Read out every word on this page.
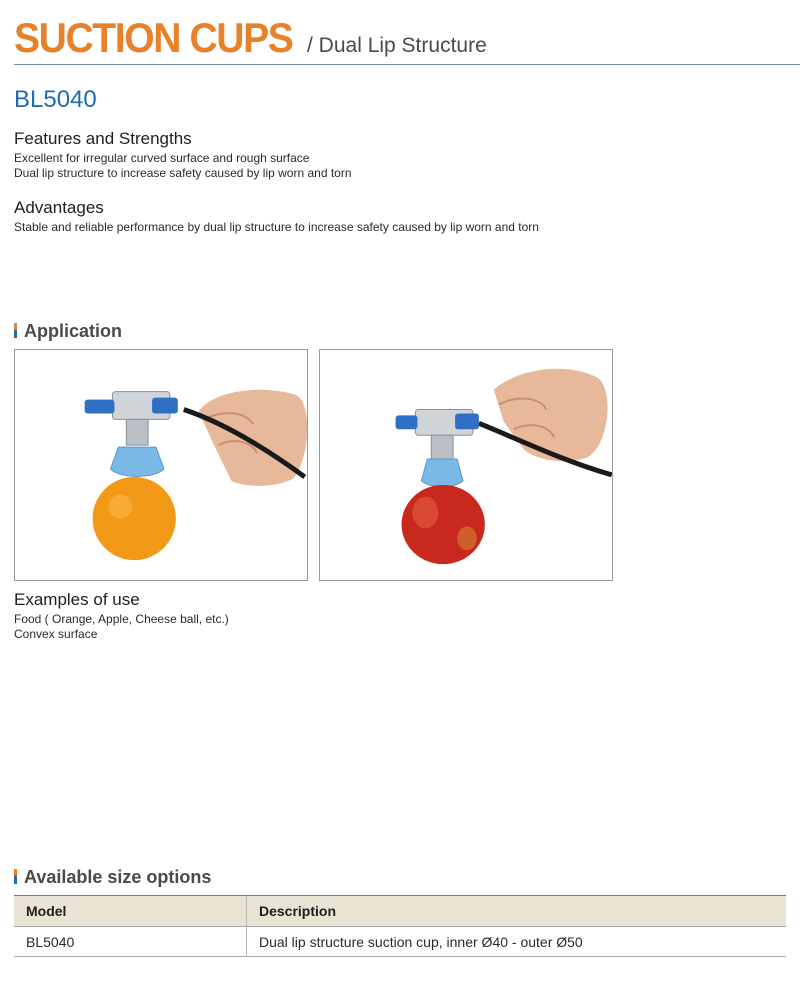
SUCTION CUPS / Dual Lip Structure
BL5040
Features and Strengths
Excellent for irregular curved surface and rough surface
Dual lip structure to increase safety caused by lip worn and torn
Advantages
Stable and reliable performance by dual lip structure to increase safety caused by lip worn and torn
Application
Examples of use
Food ( Orange, Apple, Cheese ball, etc.)
Convex surface
Available size options
Model	Description
BL5040	Dual lip structure suction cup, inner Ø40 - outer Ø50
